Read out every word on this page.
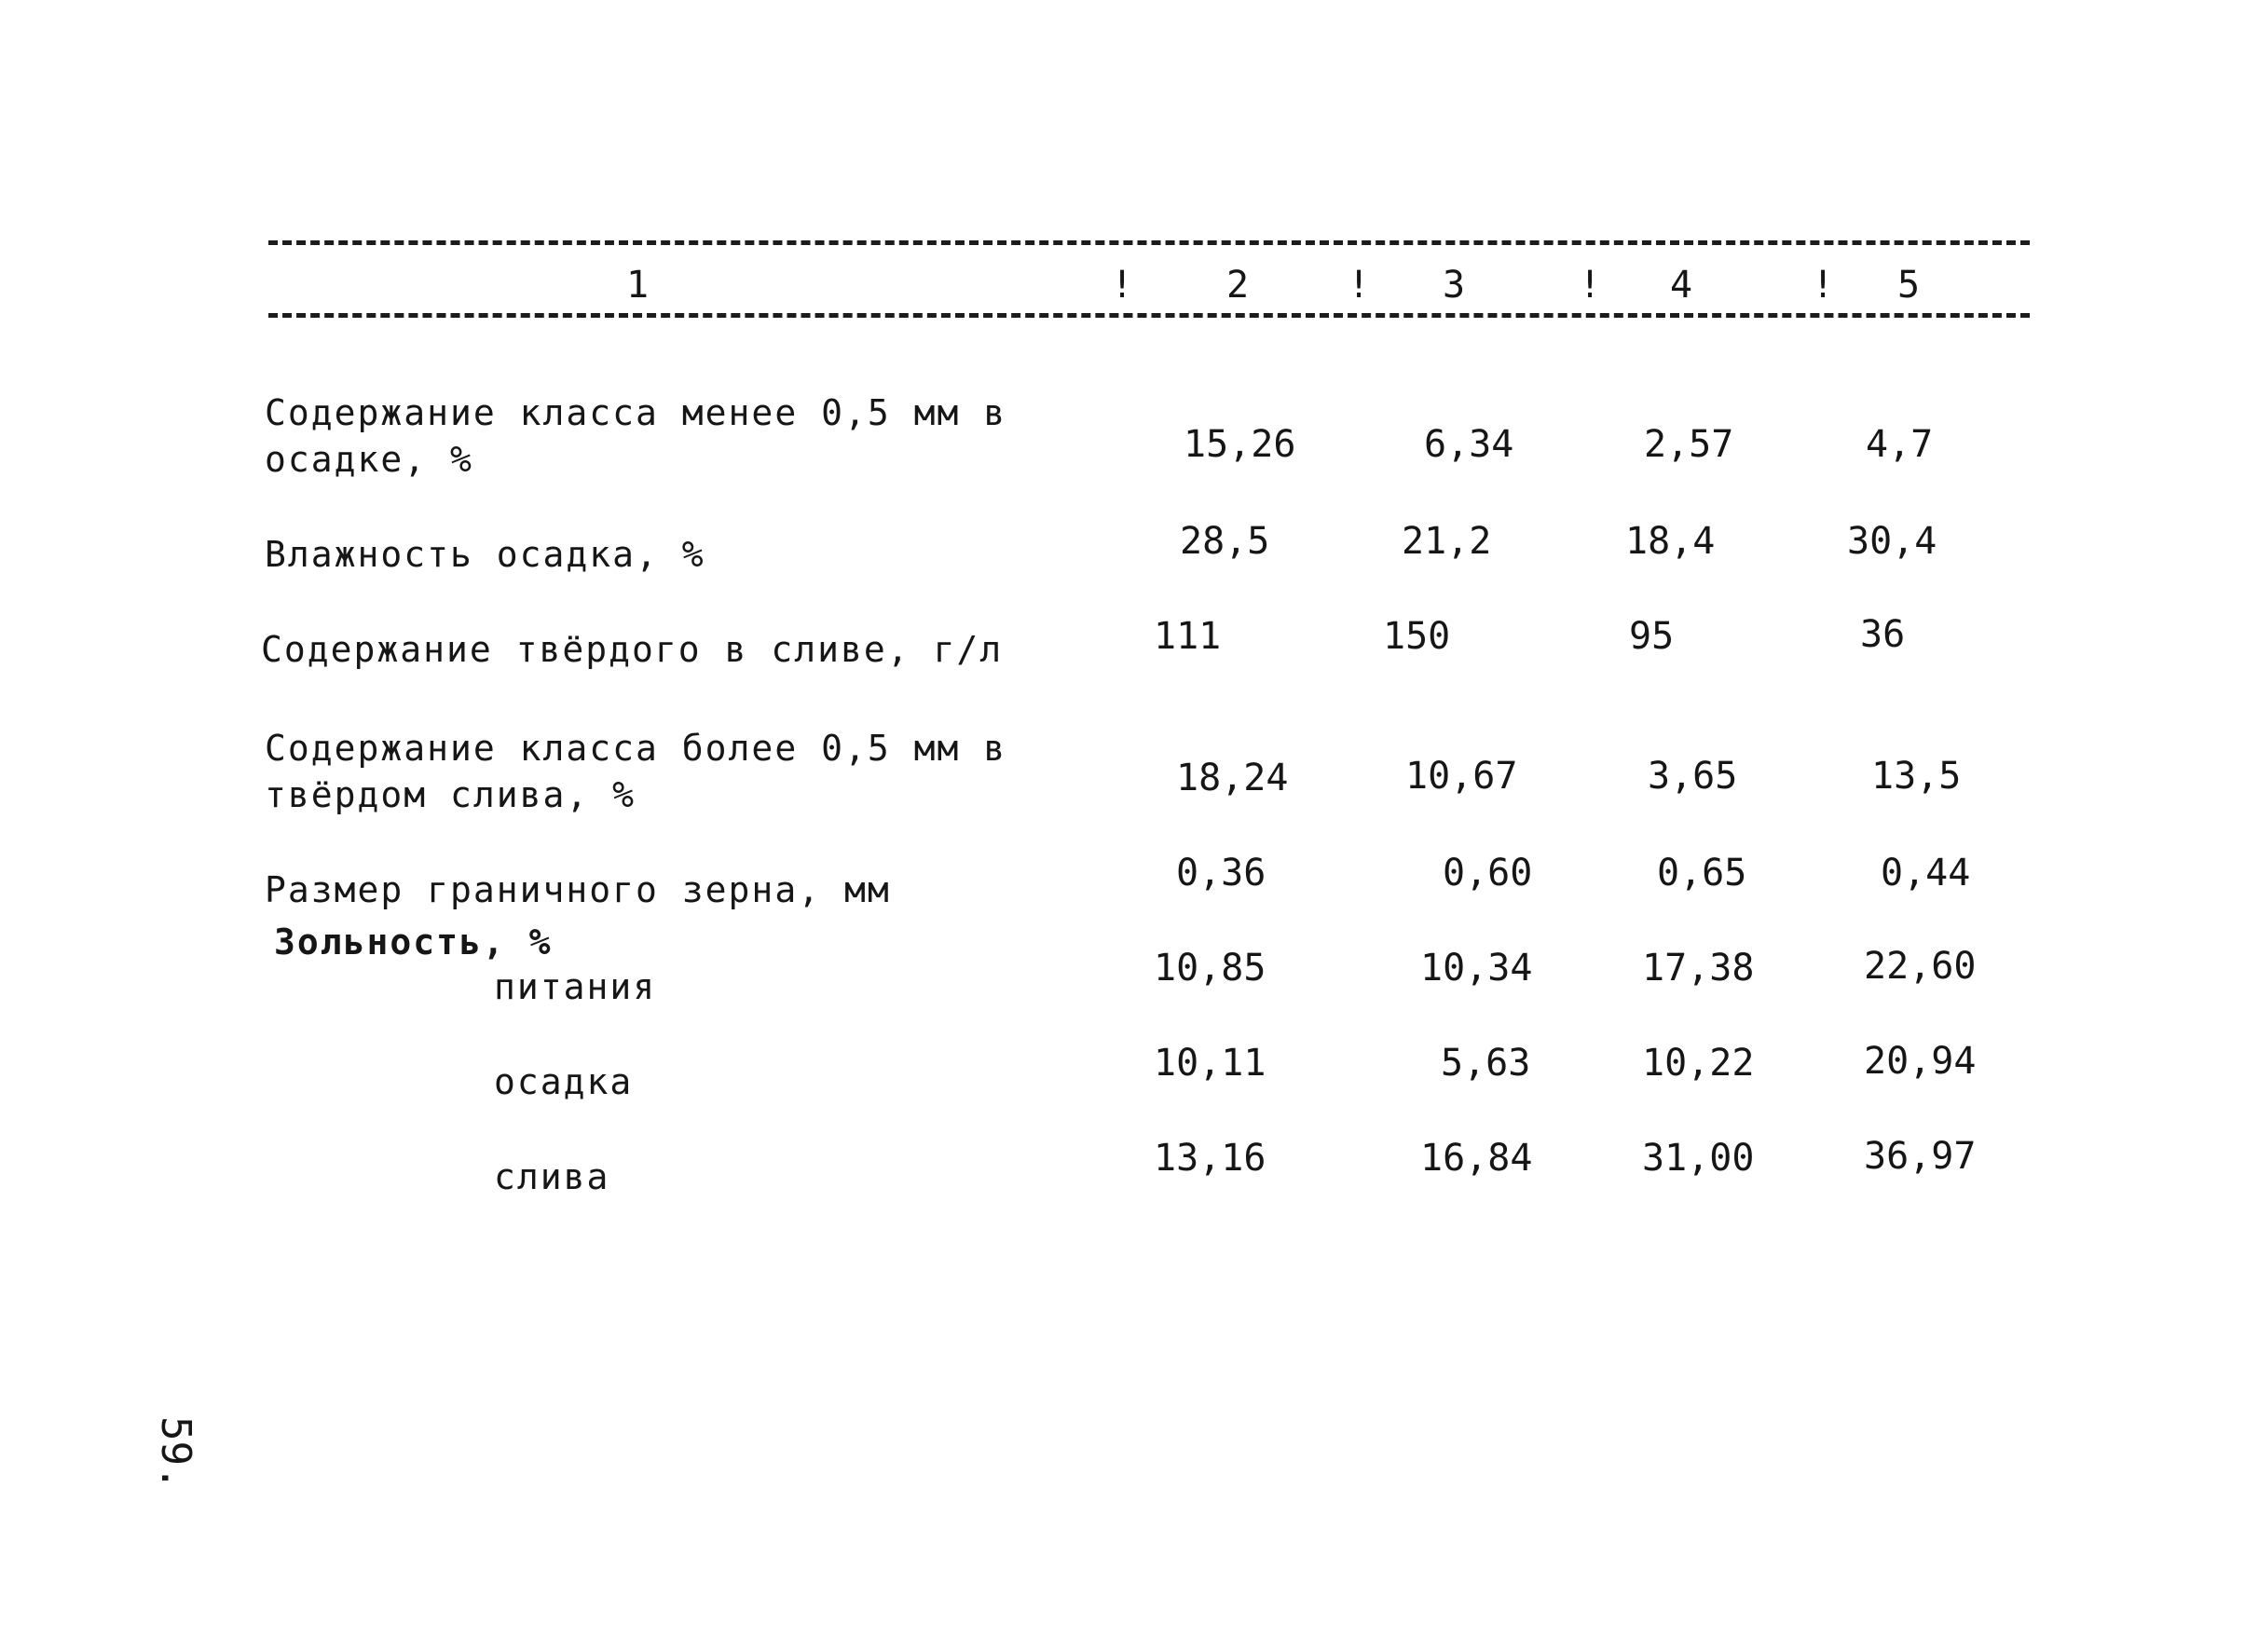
1	! 2	! 3	! 4	! 5
Содержание класса менее 0,5 мм в
осадке, %	15,26	6,34	2,57	4,7
Влажность осадка, %	28,5	21,2	18,4	30,4
Содержание твёрдого в сливе, г/л	111	150	95	36
Содержание класса более 0,5 мм в
твёрдом слива, %	18,24	10,67	3,65	13,5
Размер граничного зерна, мм	0,36	0,60	0,65	0,44
Зольность, %
питания	10,85	10,34	17,38	22,60
осадка	10,11	5,63	10,22	20,94
слива	13,16	16,84	31,00	36,97
59.
